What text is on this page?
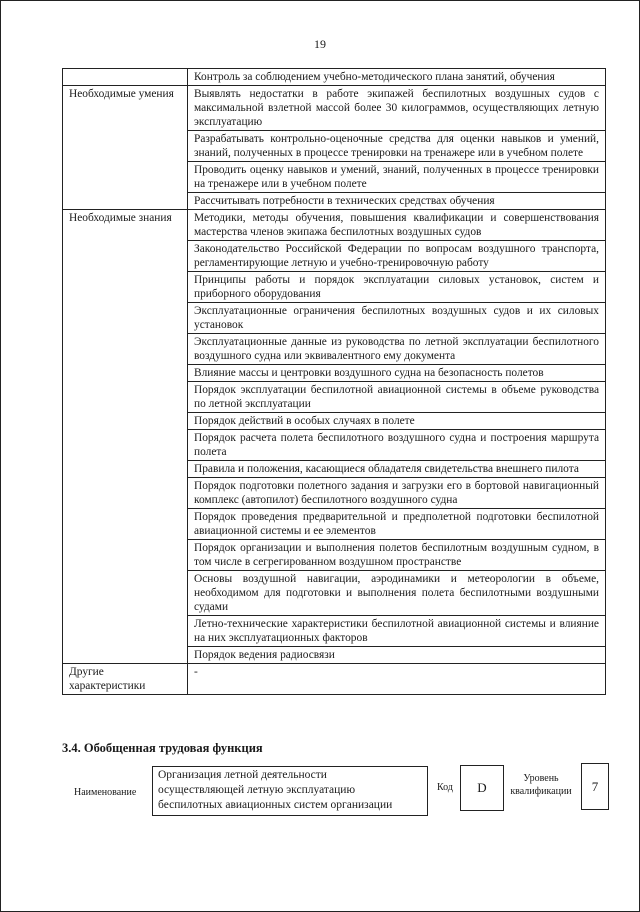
19
	Контроль за соблюдением учебно-методического плана занятий, обучения
Необходимые умения	Выявлять недостатки в работе экипажей беспилотных воздушных судов с максимальной взлетной массой более 30 килограммов, осуществляющих летную эксплуатацию
	Разрабатывать контрольно-оценочные средства для оценки навыков и умений, знаний, полученных в процессе тренировки на тренажере или в учебном полете
	Проводить оценку навыков и умений, знаний, полученных в процессе тренировки на тренажере или в учебном полете
	Рассчитывать потребности в технических средствах обучения
Необходимые знания	Методики, методы обучения, повышения квалификации и совершенствования мастерства членов экипажа беспилотных воздушных судов
	Законодательство Российской Федерации по вопросам воздушного транспорта, регламентирующие летную и учебно-тренировочную работу
	Принципы работы и порядок эксплуатации силовых установок, систем и приборного оборудования
	Эксплуатационные ограничения беспилотных воздушных судов и их силовых установок
	Эксплуатационные данные из руководства по летной эксплуатации беспилотного воздушного судна или эквивалентного ему документа
	Влияние массы и центровки воздушного судна на безопасность полетов
	Порядок эксплуатации беспилотной авиационной системы в объеме руководства по летной эксплуатации
	Порядок действий в особых случаях в полете
	Порядок расчета полета беспилотного воздушного судна и построения маршрута полета
	Правила и положения, касающиеся обладателя свидетельства внешнего пилота
	Порядок подготовки полетного задания и загрузки его в бортовой навигационный комплекс (автопилот) беспилотного воздушного судна
	Порядок проведения предварительной и предполетной подготовки беспилотной авиационной системы и ее элементов
	Порядок организации и выполнения полетов беспилотным воздушным судном, в том числе в сегрегированном воздушном пространстве
	Основы воздушной навигации, аэродинамики и метеорологии в объеме, необходимом для подготовки и выполнения полета беспилотными воздушными судами
	Летно-технические характеристики беспилотной авиационной системы и влияние на них эксплуатационных факторов
	Порядок ведения радиосвязи
Другие характеристики	-
3.4. Обобщенная трудовая функция
Наименование
Организация летной деятельности
осуществляющей летную эксплуатацию
беспилотных авиационных систем организации
Код D
Уровень квалификации	7
